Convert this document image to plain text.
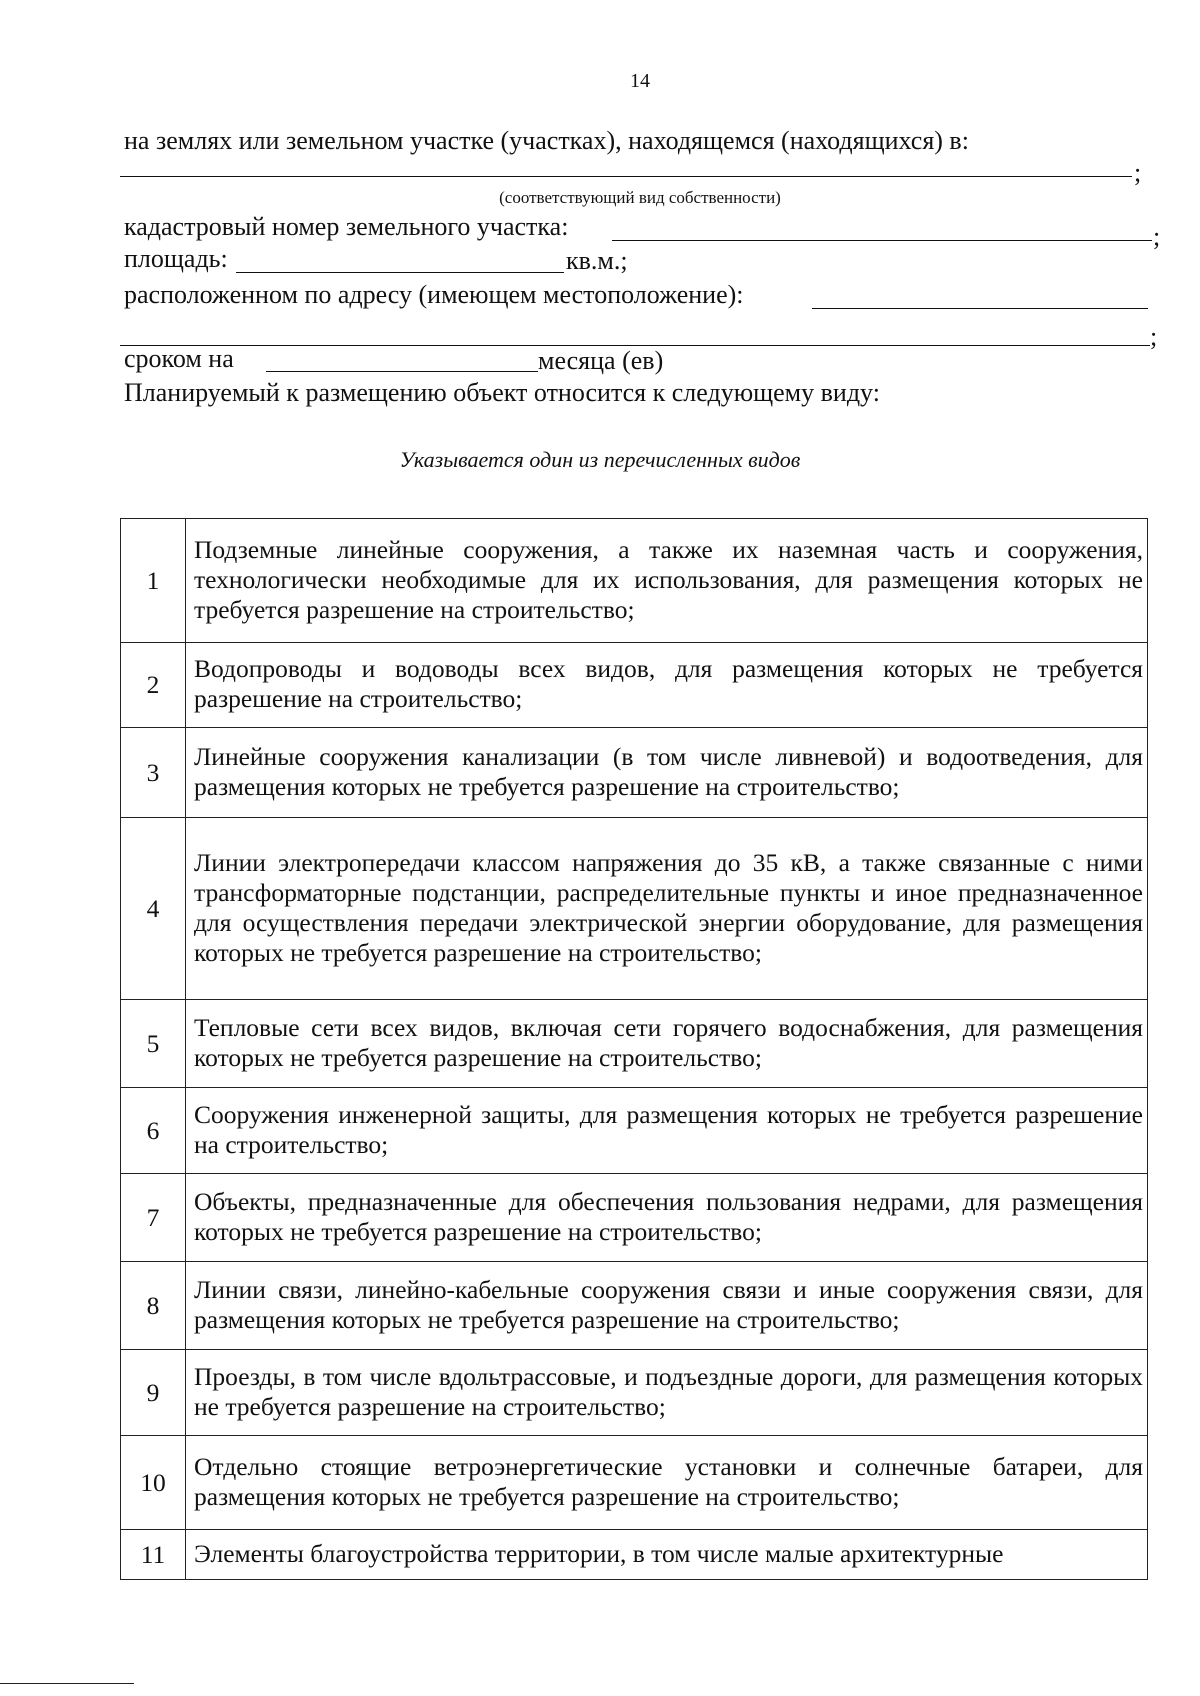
14
на землях или земельном участке (участках), находящемся (находящихся) в:
;
(соответствующий вид собственности)
кадастровый номер земельного участка:	;
площадь:	кв.м.;
расположенном по адресу (имеющем местоположение):
;
сроком на	месяца (ев)
Планируемый к размещению объект относится к следующему виду:
Указывается один из перечисленных видов
1	Подземные линейные сооружения, а также их наземная часть и сооружения, технологически необходимые для их использования, для размещения которых не требуется разрешение на строительство;
2	Водопроводы и водоводы всех видов, для размещения которых не требуется разрешение на строительство;
3	Линейные сооружения канализации (в том числе ливневой) и водоотведения, для размещения которых не требуется разрешение на строительство;
4	Линии электропередачи классом напряжения до 35 кВ, а также связанные с ними трансформаторные подстанции, распределительные пункты и иное предназначенное для осуществления передачи электрической энергии оборудование, для размещения которых не требуется разрешение на строительство;
5	Тепловые сети всех видов, включая сети горячего водоснабжения, для размещения которых не требуется разрешение на строительство;
6	Сооружения инженерной защиты, для размещения которых не требуется разрешение на строительство;
7	Объекты, предназначенные для обеспечения пользования недрами, для размещения которых не требуется разрешение на строительство;
8	Линии связи, линейно-кабельные сооружения связи и иные сооружения связи, для размещения которых не требуется разрешение на строительство;
9	Проезды, в том числе вдольтрассовые, и подъездные дороги, для размещения которых не требуется разрешение на строительство;
10	Отдельно стоящие ветроэнергетические установки и солнечные батареи, для размещения которых не требуется разрешение на строительство;
11	Элементы благоустройства территории, в том числе малые архитектурные
